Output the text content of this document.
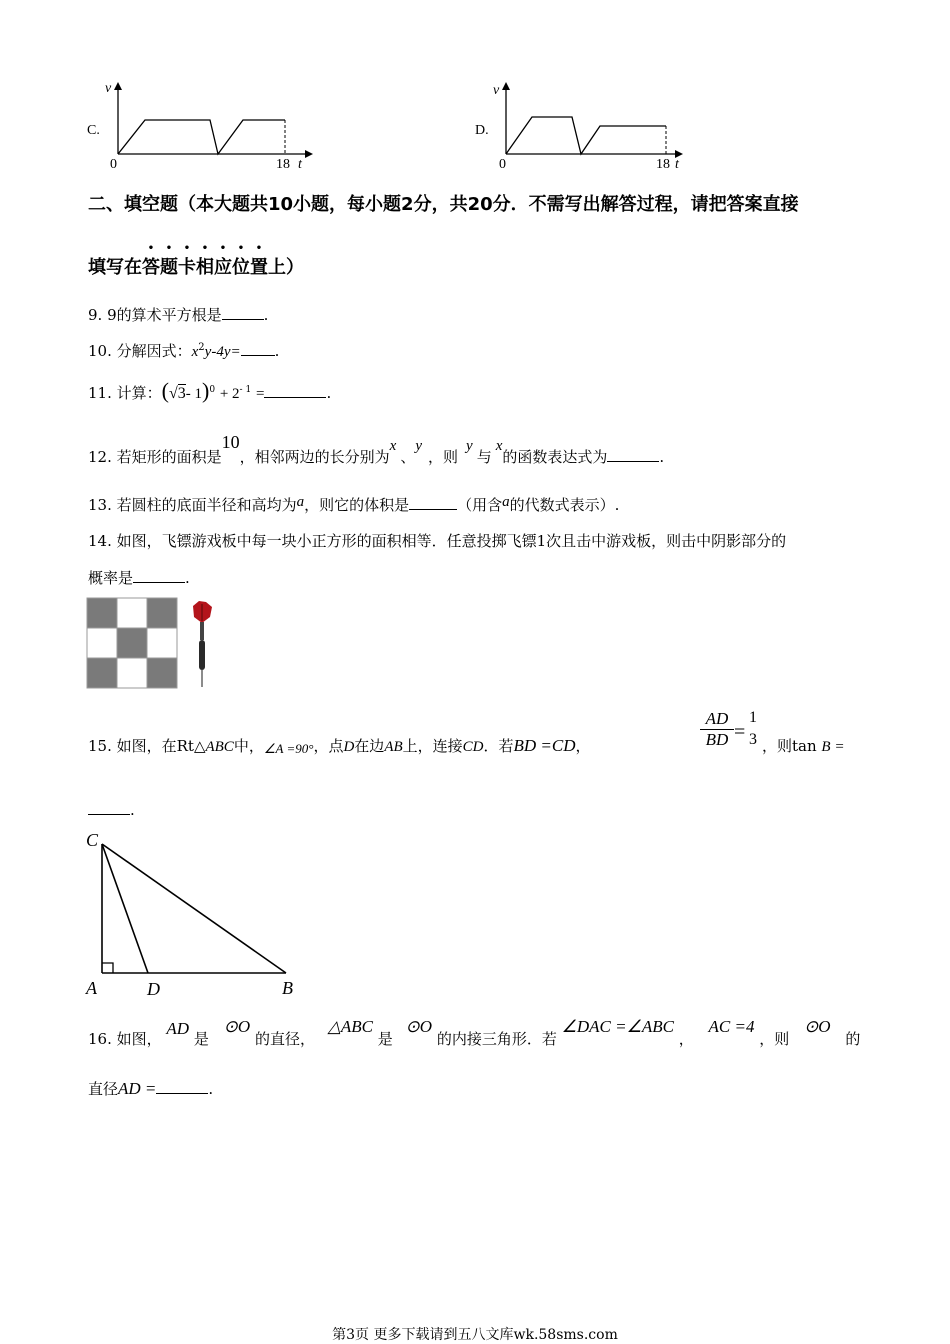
C.
v
0	18 t
D.
v
0	18 t
二、填空题（本大题共10小题，每小题2分，共20分．不需写出解答过程，请把答案直接
填写在答题卡相应位置上）
9. 9的算术平方根是	.
10. 分解因式：$x^2y-4y=$ .
11. 计算：(√3- $1)^0 + 2^{- 1}$ =	.
12. 若矩形的面积是10，相邻两边的长分别为x、y，则y与x的函数表达式为	.
13. 若圆柱的底面半径和高均为a，则它的体积是	（用含a的代数式表示）.
14. 如图，飞镖游戏板中每一块小正方形的面积相等．任意投掷飞镖1次且击中游戏板，则击中阴影部分的
概率是	.
15. 如图，在Rt△ABC中，∠A =90°，点D在边AB上，连接CD．若BD =CD，
AD
BD =
1
3 ，则tan B =
.
C
A	D	B
16. 如图， AD 是 ⊙O 的直径， △ABC 是 ⊙O 的内接三角形．若 ∠DAC =∠ABC ， AC =4 ，则 ⊙O 的
直径AD =	.
第3页 更多下载请到五八文库wk.58sms.com
